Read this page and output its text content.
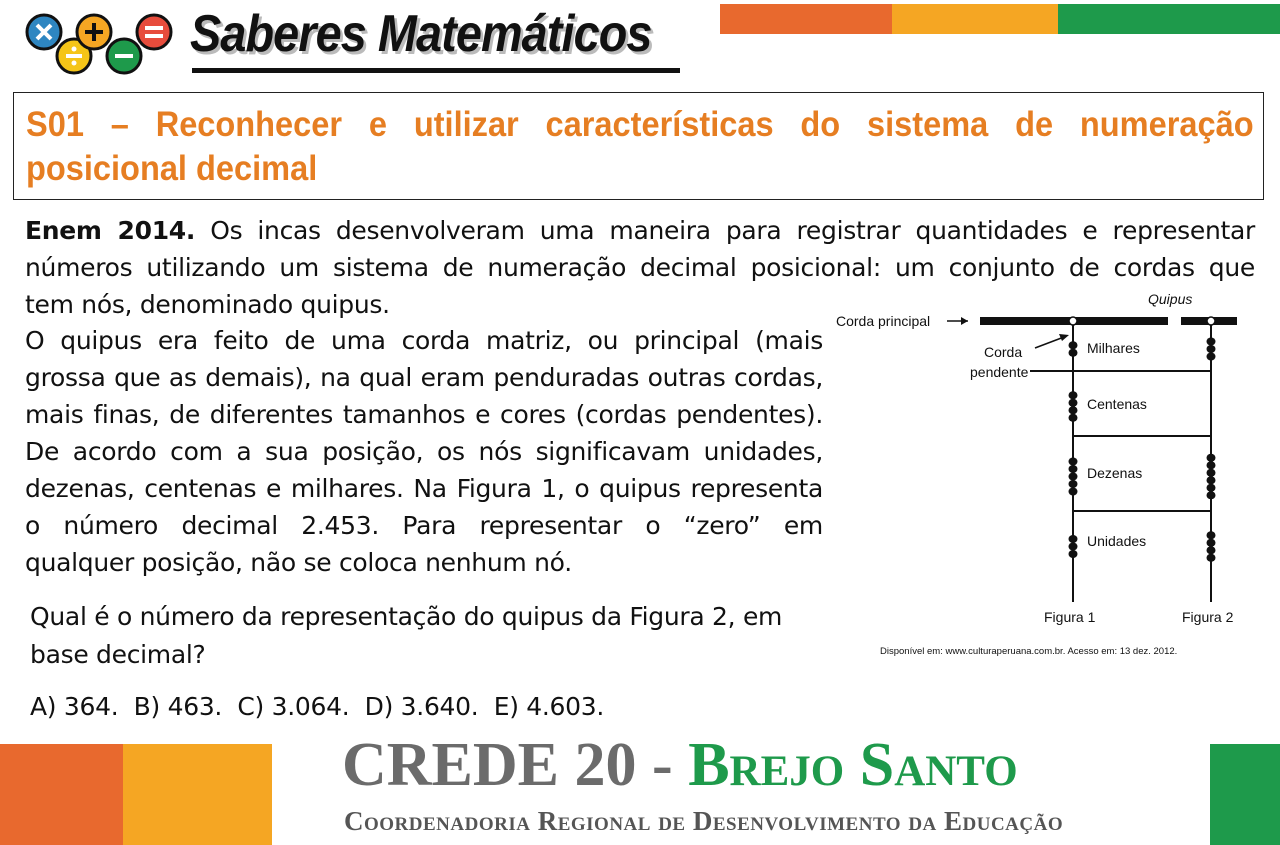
Saberes Matemáticos
S01 – Reconhecer e utilizar características do sistema de numeração posicional decimal
Enem 2014. Os incas desenvolveram uma maneira para registrar quantidades e representar
números utilizando um sistema de numeração decimal posicional: um conjunto de cordas que
tem nós, denominado quipus.
O quipus era feito de uma corda matriz, ou principal (mais
grossa que as demais), na qual eram penduradas outras cordas,
mais finas, de diferentes tamanhos e cores (cordas pendentes).
De acordo com a sua posição, os nós significavam unidades,
dezenas, centenas e milhares. Na Figura 1, o quipus representa
o número decimal 2.453. Para representar o “zero” em
qualquer posição, não se coloca nenhum nó.
Qual é o número da representação do quipus da Figura 2, em
base decimal?
A) 364.  B) 463.  C) 3.064.  D) 3.640.  E) 4.603.
Quipus
Corda principal
Corda
pendente
Milhares
Centenas
Dezenas
Unidades
Figura 1	Figura 2
Disponível em: www.culturaperuana.com.br. Acesso em: 13 dez. 2012.
CREDE 20 - Brejo Santo
Coordenadoria Regional de Desenvolvimento da Educação
